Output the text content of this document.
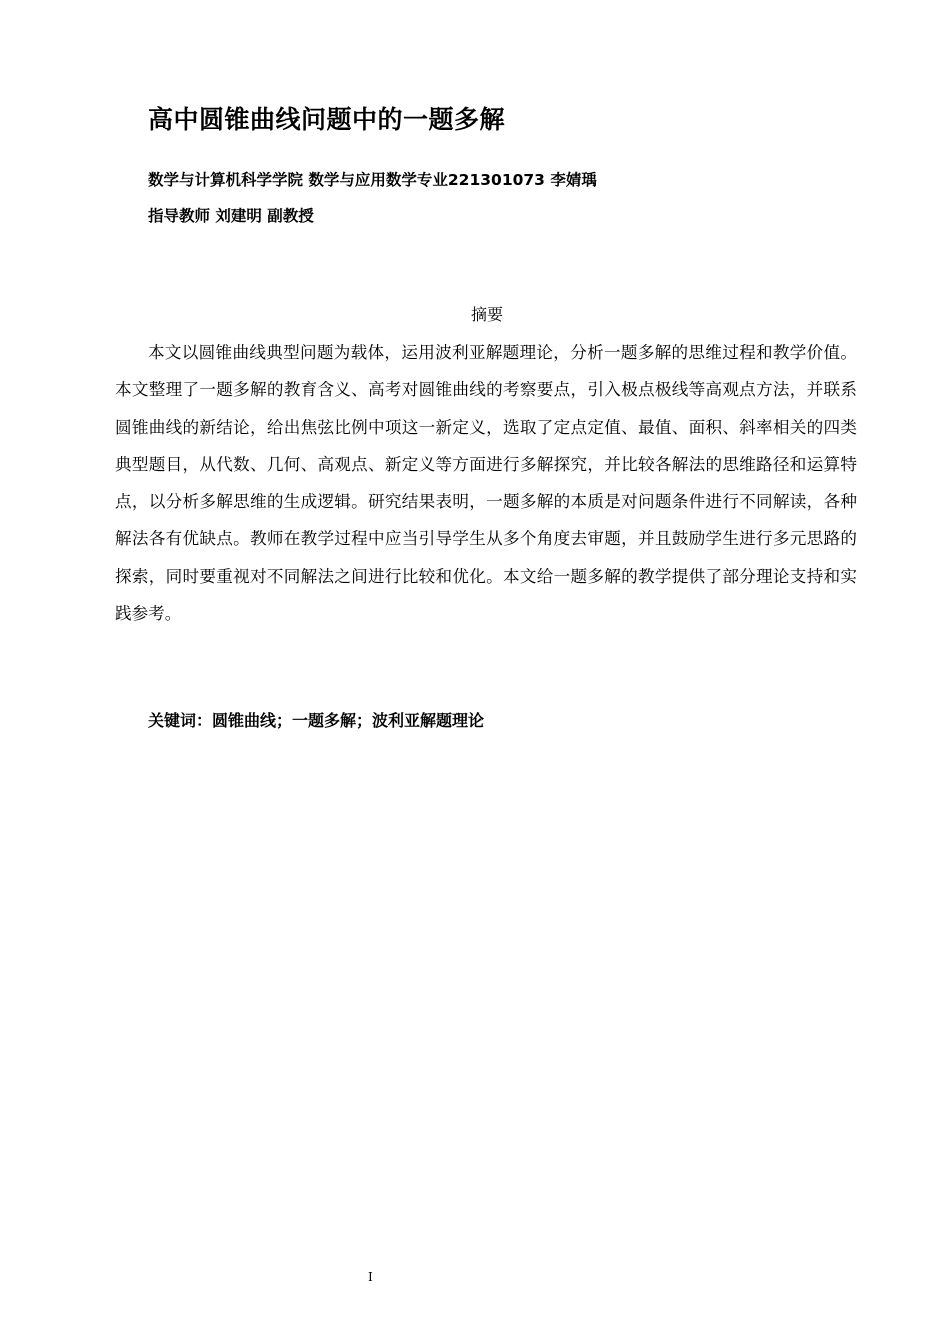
高中圆锥曲线问题中的一题多解
数学与计算机科学学院 数学与应用数学专业221301073 李婧瑀
指导教师 刘建明 副教授
摘要

本文以圆锥曲线典型问题为载体，运用波利亚解题理论，分析一题多解的思维过程和教学价值。本文整理了一题多解的教育含义、高考对圆锥曲线的考察要点，引入极点极线等高观点方法，并联系圆锥曲线的新结论，给出焦弦比例中项这一新定义，选取了定点定值、最值、面积、斜率相关的四类典型题目，从代数、几何、高观点、新定义等方面进行多解探究，并比较各解法的思维路径和运算特点，以分析多解思维的生成逻辑。研究结果表明，一题多解的本质是对问题条件进行不同解读，各种解法各有优缺点。教师在教学过程中应当引导学生从多个角度去审题，并且鼓励学生进行多元思路的探索，同时要重视对不同解法之间进行比较和优化。本文给一题多解的教学提供了部分理论支持和实践参考。

关键词：圆锥曲线；一题多解；波利亚解题理论
I
